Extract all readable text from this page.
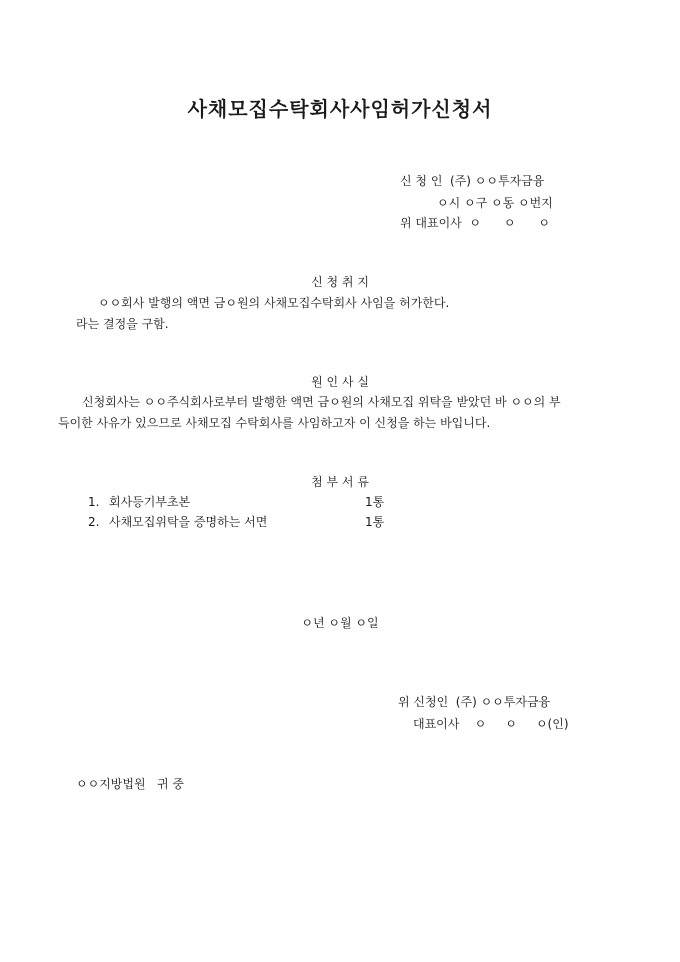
사채모집수탁회사사임허가신청서
신 청 인  (주) ㅇㅇ투자금융
ㅇ시 ㅇ구 ㅇ동 ㅇ번지
위 대표이사  ㅇ      ㅇ      ㅇ
신 청 취 지
ㅇㅇ회사 발행의 액면 금ㅇ원의 사채모집수탁회사 사임을 허가한다.
라는 결정을 구함.
원 인 사 실
신청회사는 ㅇㅇ주식회사로부터 발행한 액면 금ㅇ원의 사채모집 위탁을 받았던 바 ㅇㅇ의 부
득이한 사유가 있으므로 사채모집 수탁회사를 사임하고자 이 신청을 하는 바입니다.
첨 부 서 류
1. 회사등기부초본	1통
2. 사채모집위탁을 증명하는 서면	1통
ㅇ년 ㅇ월 ㅇ일
위 신청인  (주) ㅇㅇ투자금융
대표이사    ㅇ     ㅇ     ㅇ(인)
ㅇㅇ지방법원   귀 중
